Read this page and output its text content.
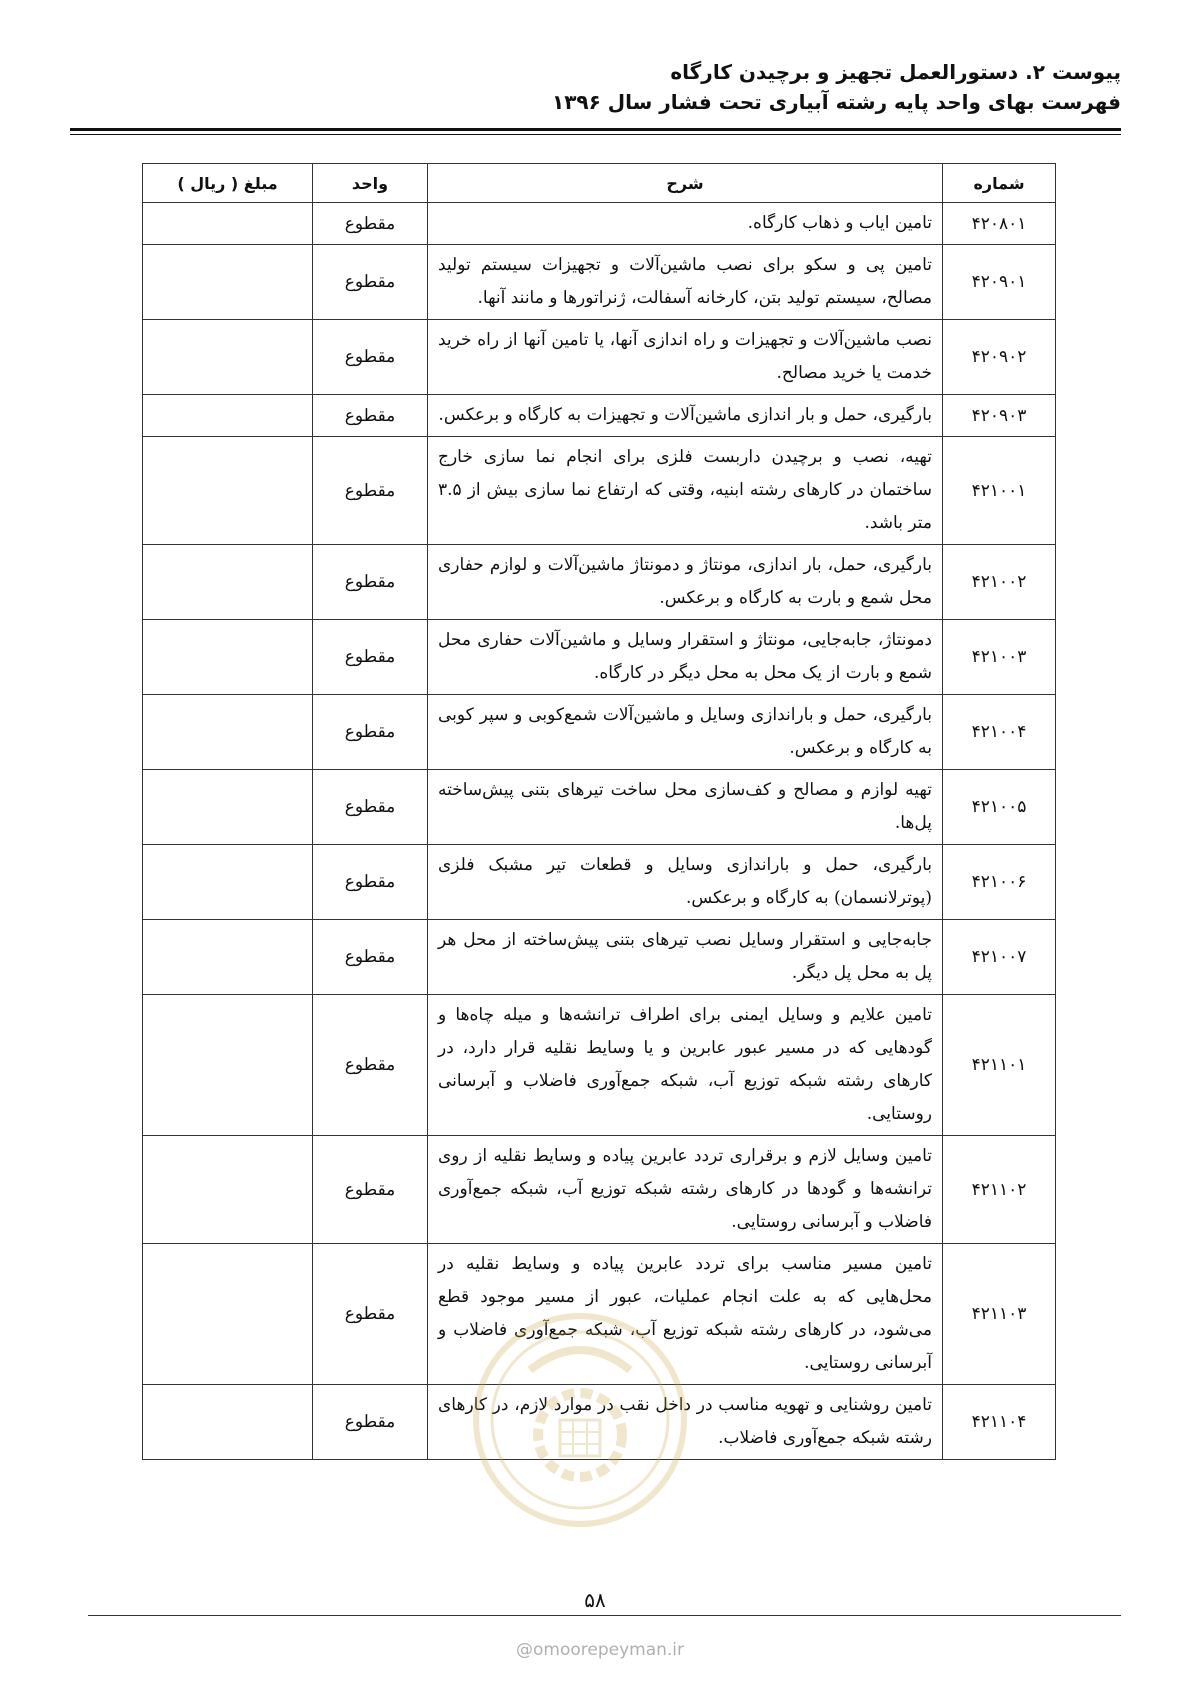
پیوست ۲. دستورالعمل تجهیز و برچیدن کارگاه
فهرست بهای واحد پایه رشته آبیاری تحت فشار سال ۱۳۹۶
شماره	شرح	واحد	مبلغ ( ریال )
۴۲۰۸۰۱	تامین ایاب و ذهاب کارگاه.	مقطوع	
۴۲۰۹۰۱	تامین پی و سکو برای نصب ماشین‌آلات و تجهیزات سیستم تولید مصالح، سیستم تولید بتن، کارخانه آسفالت، ژنراتورها و مانند آنها.	مقطوع	
۴۲۰۹۰۲	نصب ماشین‌آلات و تجهیزات و راه اندازی آنها، یا تامین آنها از راه خرید خدمت یا خرید مصالح.	مقطوع	
۴۲۰۹۰۳	بارگیری، حمل و بار اندازی ماشین‌آلات و تجهیزات به کارگاه و برعکس.	مقطوع	
۴۲۱۰۰۱	تهیه، نصب و برچیدن داربست فلزی برای انجام نما سازی خارج ساختمان در کارهای رشته ابنیه، وقتی که ارتفاع نما سازی بیش از ۳.۵ متر باشد.	مقطوع	
۴۲۱۰۰۲	بارگیری، حمل، بار اندازی، مونتاژ و دمونتاژ ماشین‌آلات و لوازم حفاری محل شمع و بارت به کارگاه و برعکس.	مقطوع	
۴۲۱۰۰۳	دمونتاژ، جابه‌جایی، مونتاژ و استقرار وسایل و ماشین‌آلات حفاری محل شمع و بارت از یک محل به محل دیگر در کارگاه.	مقطوع	
۴۲۱۰۰۴	بارگیری، حمل و باراندازی وسایل و ماشین‌آلات شمع‌کوبی و سپر کوبی به کارگاه و برعکس.	مقطوع	
۴۲۱۰۰۵	تهیه لوازم و مصالح و کف‌سازی محل ساخت تیرهای بتنی پیش‌ساخته پل‌ها.	مقطوع	
۴۲۱۰۰۶	بارگیری، حمل و باراندازی وسایل و قطعات تیر مشبک فلزی (پوترلانسمان) به کارگاه و برعکس.	مقطوع	
۴۲۱۰۰۷	جابه‌جایی و استقرار وسایل نصب تیرهای بتنی پیش‌ساخته از محل هر پل به محل پل دیگر.	مقطوع	
۴۲۱۱۰۱	تامین علایم و وسایل ایمنی برای اطراف ترانشه‌ها و میله چاه‌ها و گودهایی که در مسیر عبور عابرین و یا وسایط نقلیه قرار دارد، در کارهای رشته شبکه توزیع آب، شبکه جمع‌آوری فاضلاب و آبرسانی روستایی.	مقطوع	
۴۲۱۱۰۲	تامین وسایل لازم و برقراری تردد عابرین پیاده و وسایط نقلیه از روی ترانشه‌ها و گودها در کارهای رشته شبکه توزیع آب، شبکه جمع‌آوری فاضلاب و آبرسانی روستایی.	مقطوع	
۴۲۱۱۰۳	تامین مسیر مناسب برای تردد عابرین پیاده و وسایط نقلیه در محل‌هایی که به علت انجام عملیات، عبور از مسیر موجود قطع می‌شود، در کارهای رشته شبکه توزیع آب، شبکه جمع‌آوری فاضلاب و آبرسانی روستایی.	مقطوع	
۴۲۱۱۰۴	تامین روشنایی و تهویه مناسب در داخل نقب در موارد لازم، در کارهای رشته شبکه جمع‌آوری فاضلاب.	مقطوع	
۵۸
@omoorepeyman.ir
